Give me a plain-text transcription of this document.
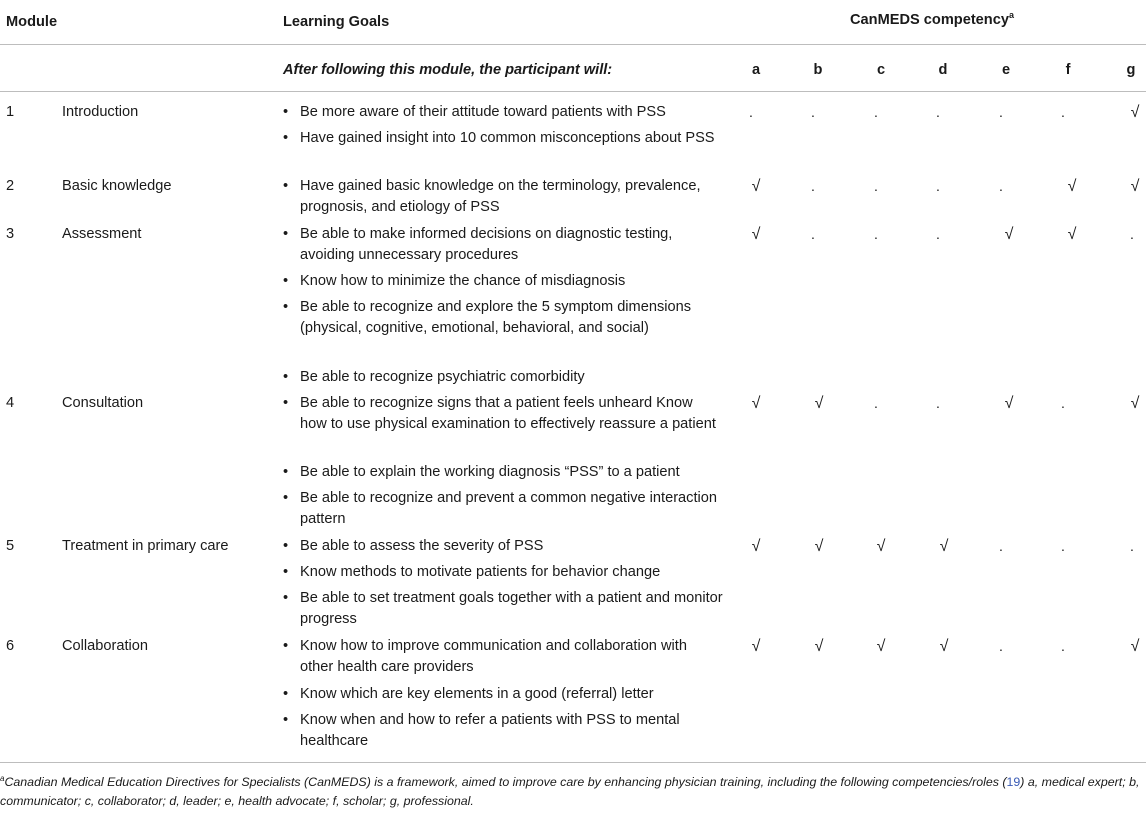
Module	Learning Goals	CanMEDS competency$^a$
After following this module, the participant will:	a	b	c	d	e	f	g
1	Introduction	• Be more aware of their attitude toward patients with PSS
• Have gained insight into 10 common misconceptions about PSS
.	.	.	.	.	.	√
2	Basic knowledge	• Have gained basic knowledge on the terminology, prevalence, prognosis, and etiology of PSS
√	.	.	.	.	√	√
3	Assessment	• Be able to make informed decisions on diagnostic testing, avoiding unnecessary procedures
• Know how to minimize the chance of misdiagnosis
• Be able to recognize and explore the 5 symptom dimensions (physical, cognitive, emotional, behavioral, and social)
• Be able to recognize psychiatric comorbidity
√	.	.	.	√	√	.
4	Consultation	• Be able to recognize signs that a patient feels unheard Know how to use physical examination to effectively reassure a patient
• Be able to explain the working diagnosis “PSS” to a patient
• Be able to recognize and prevent a common negative interaction pattern
√	√	.	.	√	.	√
5	Treatment in primary care	• Be able to assess the severity of PSS
• Know methods to motivate patients for behavior change
• Be able to set treatment goals together with a patient and monitor progress
√	√	√	√	.	.	.
6	Collaboration	• Know how to improve communication and collaboration with other health care providers
• Know which are key elements in a good (referral) letter
• Know when and how to refer a patients with PSS to mental healthcare
√	√	√	√	.	.	√
$^a$Canadian Medical Education Directives for Specialists (CanMEDS) is a framework, aimed to improve care by enhancing physician training, including the following competencies/roles (19) a, medical expert; b, communicator; c, collaborator; d, leader; e, health advocate; f, scholar; g, professional.
